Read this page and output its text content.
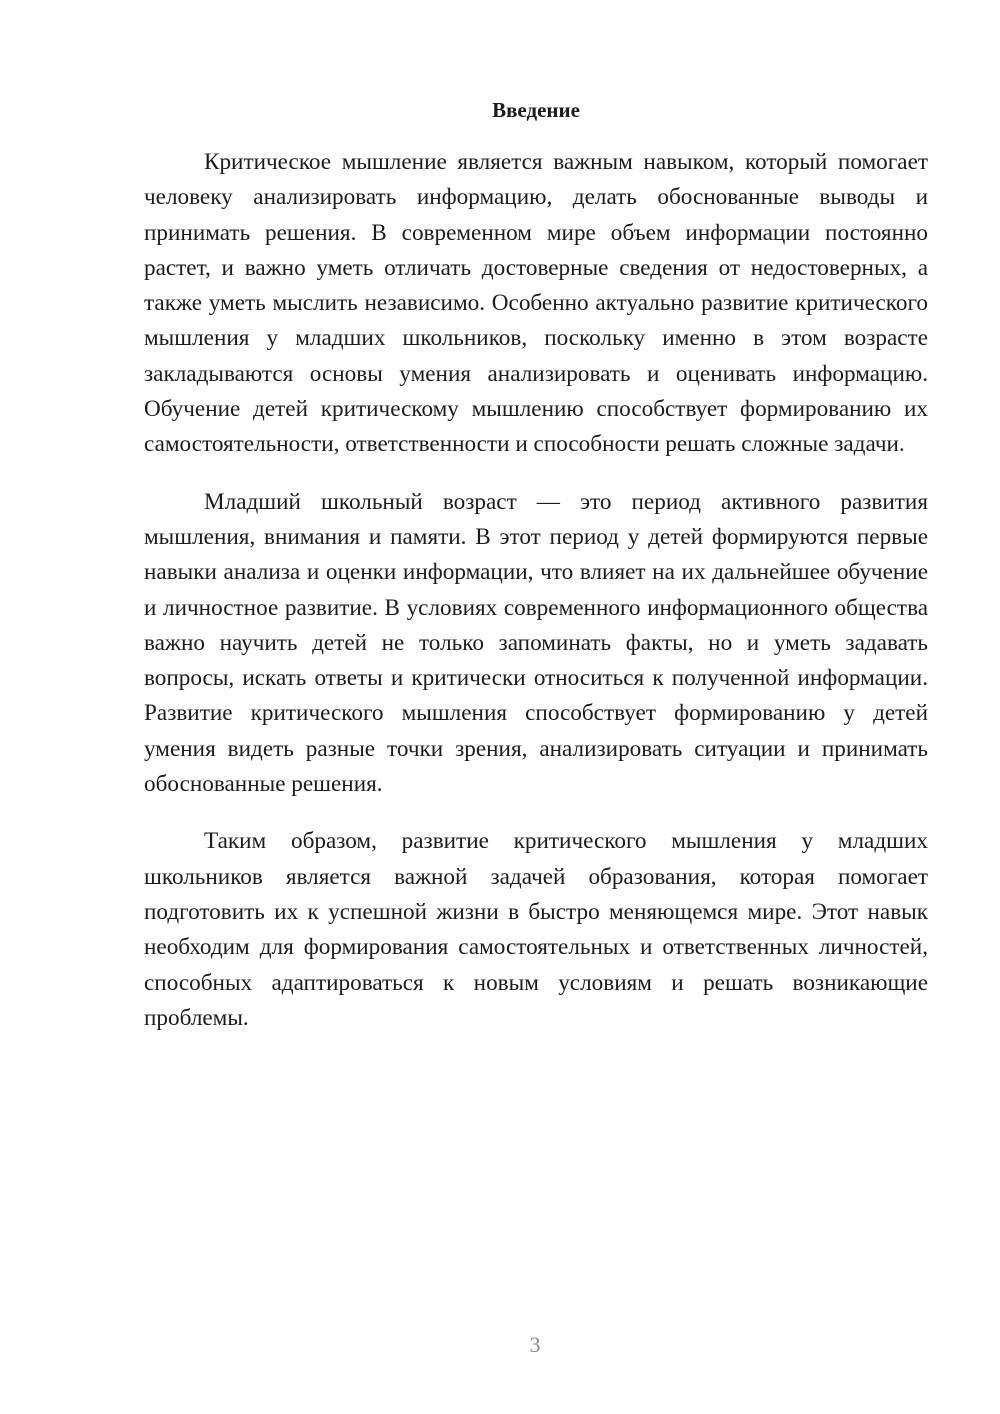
Введение

Критическое мышление является важным навыком, который помогает человеку анализировать информацию, делать обоснованные выводы и принимать решения. В современном мире объем информации постоянно растет, и важно уметь отличать достоверные сведения от недостоверных, а также уметь мыслить независимо. Особенно актуально развитие критического мышления у младших школьников, поскольку именно в этом возрасте закладываются основы умения анализировать и оценивать информацию. Обучение детей критическому мышлению способствует формированию их самостоятельности, ответственности и способности решать сложные задачи.

Младший школьный возраст — это период активного развития мышления, внимания и памяти. В этот период у детей формируются первые навыки анализа и оценки информации, что влияет на их дальнейшее обучение и личностное развитие. В условиях современного информационного общества важно научить детей не только запоминать факты, но и уметь задавать вопросы, искать ответы и критически относиться к полученной информации. Развитие критического мышления способствует формированию у детей умения видеть разные точки зрения, анализировать ситуации и принимать обоснованные решения.

Таким образом, развитие критического мышления у младших школьников является важной задачей образования, которая помогает подготовить их к успешной жизни в быстро меняющемся мире. Этот навык необходим для формирования самостоятельных и ответственных личностей, способных адаптироваться к новым условиям и решать возникающие проблемы.

3
